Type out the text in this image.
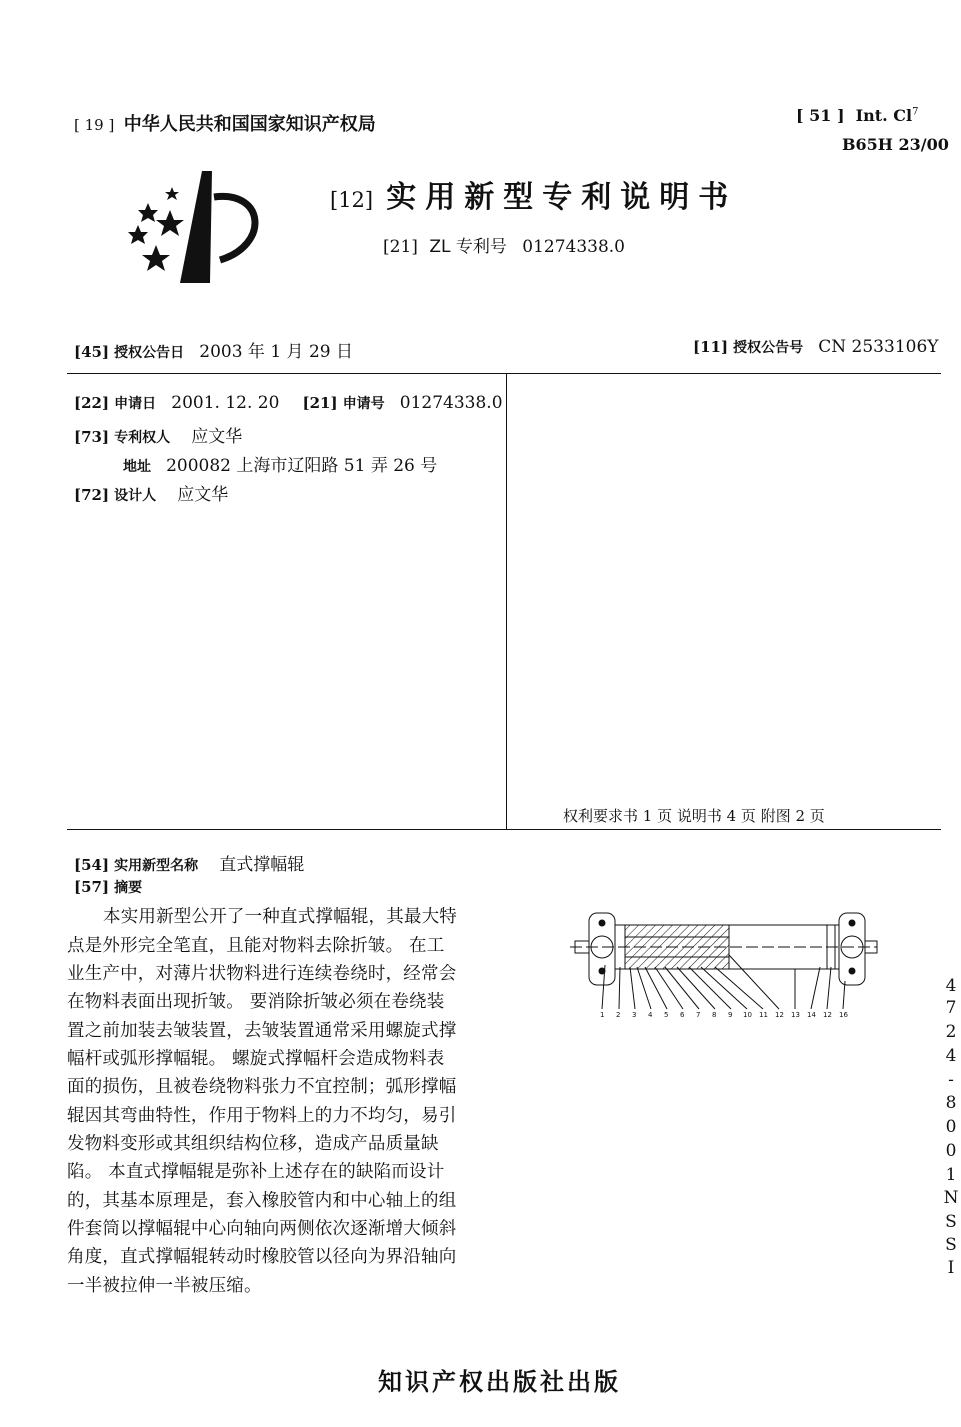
[ 19 ] 中华人民共和国国家知识产权局	[ 51 ] Int. Cl$^7$
B65H 23/00
[12] 实用新型专利说明书
[21] ZL 专利号 01274338.0
[45] 授权公告日 2003 年 1 月 29 日	[11] 授权公告号 CN 2533106Y
[22] 申请日 2001. 12. 20 [21] 申请号 01274338.0
[73] 专利权人 应文华
地址 200082 上海市辽阳路 51 弄 26 号
[72] 设计人 应文华
权利要求书 1 页 说明书 4 页 附图 2 页
[54] 实用新型名称 直式撑幅辊
[57] 摘要
本实用新型公开了一种直式撑幅辊，其最大特
点是外形完全笔直，且能对物料去除折皱。 在工
业生产中，对薄片状物料进行连续卷绕时，经常会
在物料表面出现折皱。 要消除折皱必须在卷绕装
置之前加装去皱装置，去皱装置通常采用螺旋式撑
幅杆或弧形撑幅辊。 螺旋式撑幅杆会造成物料表
面的损伤，且被卷绕物料张力不宜控制；弧形撑幅
辊因其弯曲特性，作用于物料上的力不均匀，易引
发物料变形或其组织结构位移，造成产品质量缺
陷。 本直式撑幅辊是弥补上述存在的缺陷而设计
的，其基本原理是，套入橡胶管内和中心轴上的组
件套筒以撑幅辊中心向轴向两侧依次逐渐增大倾斜
角度，直式撑幅辊转动时橡胶管以径向为界沿轴向
一半被拉伸一半被压缩。
1 2 3 4 5 6 7 8 9 10 11 12 13 14 12 16
4
7
2
4
-
8
0
0
1
N
S
S
I
知识产权出版社出版
